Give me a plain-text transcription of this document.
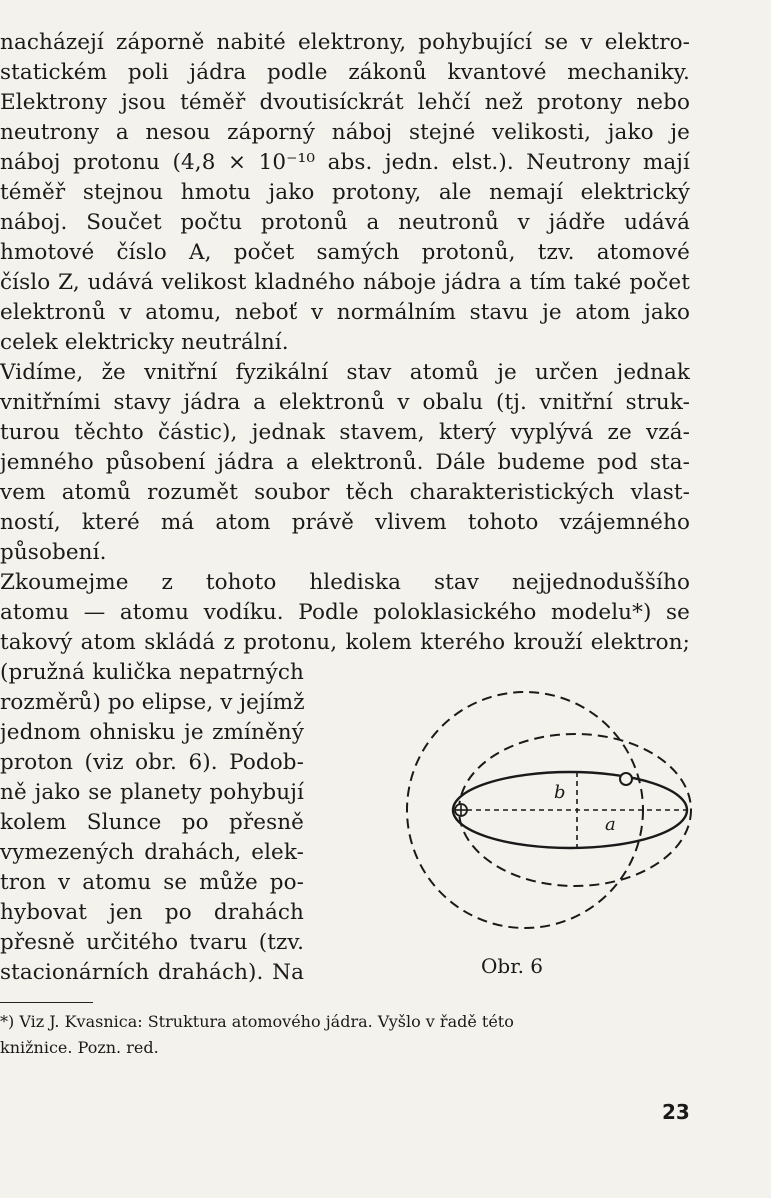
nacházejí záporně nabité elektrony, pohybující se v elektro-
statickém poli jádra podle zákonů kvantové mechaniky.
Elektrony jsou téměř dvoutisíckrát lehčí než protony nebo
neutrony a nesou záporný náboj stejné velikosti, jako je
náboj protonu (4,8 × 10⁻¹⁰ abs. jedn. elst.). Neutrony mají
téměř stejnou hmotu jako protony, ale nemají elektrický
náboj. Součet počtu protonů a neutronů v jádře udává
hmotové číslo A, počet samých protonů, tzv. atomové
číslo Z, udává velikost kladného náboje jádra a tím také počet
elektronů v atomu, neboť v normálním stavu je atom jako
celek elektricky neutrální.
Vidíme, že vnitřní fyzikální stav atomů je určen jednak
vnitřními stavy jádra a elektronů v obalu (tj. vnitřní struk-
turou těchto částic), jednak stavem, který vyplývá ze vzá-
jemného působení jádra a elektronů. Dále budeme pod sta-
vem atomů rozumět soubor těch charakteristických vlast-
ností, které má atom právě vlivem tohoto vzájemného
působení.
Zkoumejme z tohoto hlediska stav nejjednoduššího
atomu — atomu vodíku. Podle poloklasického modelu*) se
takový atom skládá z protonu, kolem kterého krouží elektron;
(pružná kulička nepatrných
rozměrů) po elipse, v jejímž
jednom ohnisku je zmíněný
proton (viz obr. 6). Podob-
ně jako se planety pohybují
kolem Slunce po přesně
vymezených drahách, elek-
tron v atomu se může po-
hybovat jen po drahách
přesně určitého tvaru (tzv.
stacionárních drahách). Na
b
a
Obr. 6
*) Viz J. Kvasnica: Struktura atomového jádra. Vyšlo v řadě této
knižnice. Pozn. red.
23
